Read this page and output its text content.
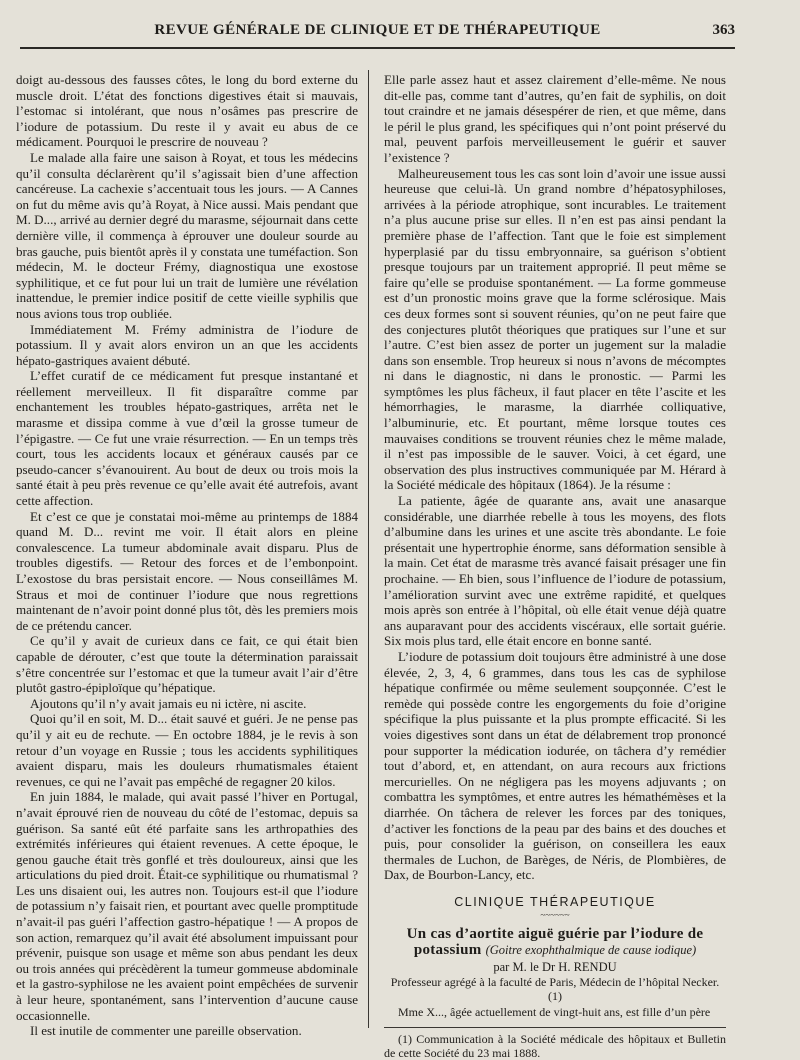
REVUE GÉNÉRALE DE CLINIQUE ET DE THÉRAPEUTIQUE	363

doigt au-dessous des fausses côtes, le long du bord externe du muscle droit. L’état des fonctions digestives était si mauvais, l’estomac si intolérant, que nous n’osâmes pas prescrire de l’iodure de potassium. Du reste il y avait eu abus de ce médicament. Pourquoi le prescrire de nouveau ?

Le malade alla faire une saison à Royat, et tous les médecins qu’il consulta déclarèrent qu’il s’agissait bien d’une affection cancéreuse. La cachexie s’accentuait tous les jours. — A Cannes on fut du même avis qu’à Royat, à Nice aussi. Mais pendant que M. D..., arrivé au dernier degré du marasme, séjournait dans cette dernière ville, il commença à éprouver une douleur sourde au bras gauche, puis bientôt après il y constata une tuméfaction. Son médecin, M. le docteur Frémy, diagnostiqua une exostose syphilitique, et ce fut pour lui un trait de lumière une révélation inattendue, le premier indice positif de cette vieille syphilis que nous avions tous trop oubliée.

Immédiatement M. Frémy administra de l’iodure de potassium. Il y avait alors environ un an que les accidents hépato-gastriques avaient débuté.

L’effet curatif de ce médicament fut presque instantané et réellement merveilleux. Il fit disparaître comme par enchantement les troubles hépato-gastriques, arrêta net le marasme et dissipa comme à vue d’œil la grosse tumeur de l’épigastre. — Ce fut une vraie résurrection. — En un temps très court, tous les accidents locaux et généraux causés par ce pseudo-cancer s’évanouirent. Au bout de deux ou trois mois la santé était à peu près revenue ce qu’elle avait été autrefois, avant cette affection.

Et c’est ce que je constatai moi-même au printemps de 1884 quand M. D... revint me voir. Il était alors en pleine convalescence. La tumeur abdominale avait disparu. Plus de troubles digestifs. — Retour des forces et de l’embonpoint. L’exostose du bras persistait encore. — Nous conseillâmes M. Straus et moi de continuer l’iodure que nous regrettions maintenant de n’avoir point donné plus tôt, dès les premiers mois de ce prétendu cancer.

Ce qu’il y avait de curieux dans ce fait, ce qui était bien capable de dérouter, c’est que toute la détermination paraissait s’être concentrée sur l’estomac et que la tumeur avait l’air d’être plutôt gastro-épiploïque qu’hépatique.

Ajoutons qu’il n’y avait jamais eu ni ictère, ni ascite.

Quoi qu’il en soit, M. D... était sauvé et guéri. Je ne pense pas qu’il y ait eu de rechute. — En octobre 1884, je le revis à son retour d’un voyage en Russie ; tous les accidents syphilitiques avaient disparu, mais les douleurs rhumatismales étaient revenues, ce qui ne l’avait pas empêché de regagner 20 kilos.

En juin 1884, le malade, qui avait passé l’hiver en Portugal, n’avait éprouvé rien de nouveau du côté de l’estomac, depuis sa guérison. Sa santé eût été parfaite sans les arthropathies des extrémités inférieures qui étaient revenues. A cette époque, le genou gauche était très gonflé et très douloureux, ainsi que les articulations du pied droit. Était-ce syphilitique ou rhumatismal ? Les uns disaient oui, les autres non. Toujours est-il que l’iodure de potassium n’y faisait rien, et pourtant avec quelle promptitude n’avait-il pas guéri l’affection gastro-hépatique ! — A propos de son action, remarquez qu’il avait été absolument impuissant pour prévenir, puisque son usage et même son abus pendant les deux ou trois années qui précèdèrent la tumeur gommeuse abdominale et la gastro-syphilose ne les avaient point empêchées de survenir à leur heure, spontanément, sans l’intervention d’aucune cause occasionnelle.

Il est inutile de commenter une pareille observation.

Elle parle assez haut et assez clairement d’elle-même. Ne nous dit-elle pas, comme tant d’autres, qu’en fait de syphilis, on doit tout craindre et ne jamais désespérer de rien, et que même, dans le péril le plus grand, les spécifiques qui n’ont point préservé du mal, peuvent parfois merveilleusement le guérir et sauver l’existence ?

Malheureusement tous les cas sont loin d’avoir une issue aussi heureuse que celui-là. Un grand nombre d’hépatosyphiloses, arrivées à la période atrophique, sont incurables. Le traitement n’a plus aucune prise sur elles. Il n’en est pas ainsi pendant la première phase de l’affection. Tant que le foie est simplement hyperplasié par du tissu embryonnaire, sa guérison s’obtient presque toujours par un traitement approprié. Il peut même se faire qu’elle se produise spontanément. — La forme gommeuse est d’un pronostic moins grave que la forme sclérosique. Mais ces deux formes sont si souvent réunies, qu’on ne peut faire que des conjectures plutôt théoriques que pratiques sur l’une et sur l’autre. C’est bien assez de porter un jugement sur la maladie dans son ensemble. Trop heureux si nous n’avons de mécomptes ni dans le diagnostic, ni dans le pronostic. — Parmi les symptômes les plus fâcheux, il faut placer en tête l’ascite et les hémorrhagies, le marasme, la diarrhée colliquative, l’albuminurie, etc. Et pourtant, même lorsque toutes ces mauvaises conditions se trouvent réunies chez le même malade, il n’est pas impossible de le sauver. Voici, à cet égard, une observation des plus instructives communiquée par M. Hérard à la Société médicale des hôpitaux (1864). Je la résume :

La patiente, âgée de quarante ans, avait une anasarque considérable, une diarrhée rebelle à tous les moyens, des flots d’albumine dans les urines et une ascite très abondante. Le foie présentait une hypertrophie énorme, sans déformation sensible à la main. Cet état de marasme très avancé faisait présager une fin prochaine. — Eh bien, sous l’influence de l’iodure de potassium, l’amélioration survint avec une extrême rapidité, et quelques mois après son entrée à l’hôpital, où elle était venue déjà quatre ans auparavant pour des accidents viscéraux, elle sortait guérie. Six mois plus tard, elle était encore en bonne santé.

L’iodure de potassium doit toujours être administré à une dose élevée, 2, 3, 4, 6 grammes, dans tous les cas de syphilose hépatique confirmée ou même seulement soupçonnée. C’est le remède qui possède contre les engorgements du foie d’origine spécifique la plus puissante et la plus prompte efficacité. Si les voies digestives sont dans un état de délabrement trop prononcé pour supporter la médication iodurée, on tâchera d’y remédier tout d’abord, et, en attendant, on aura recours aux frictions mercurielles. On ne négligera pas les moyens adjuvants ; on combattra les symptômes, et entre autres les hémathémèses et la diarrhée. On tâchera de relever les forces par des toniques, d’activer les fonctions de la peau par des bains et des douches et puis, pour consolider la guérison, on conseillera les eaux thermales de Luchon, de Barèges, de Néris, de Plombières, de Dax, de Bourbon-Lancy, etc.

CLINIQUE THÉRAPEUTIQUE
~~~~~~
Un cas d’aortite aiguë guérie par l’iodure de potassium (Goitre exophthalmique de cause iodique)
par M. le Dr H. RENDU
Professeur agrégé à la faculté de Paris, Médecin de l’hôpital Necker. (1)

Mme X..., âgée actuellement de vingt-huit ans, est fille d’un père

(1) Communication à la Société médicale des hôpitaux et Bulletin de cette Société du 23 mai 1888.
